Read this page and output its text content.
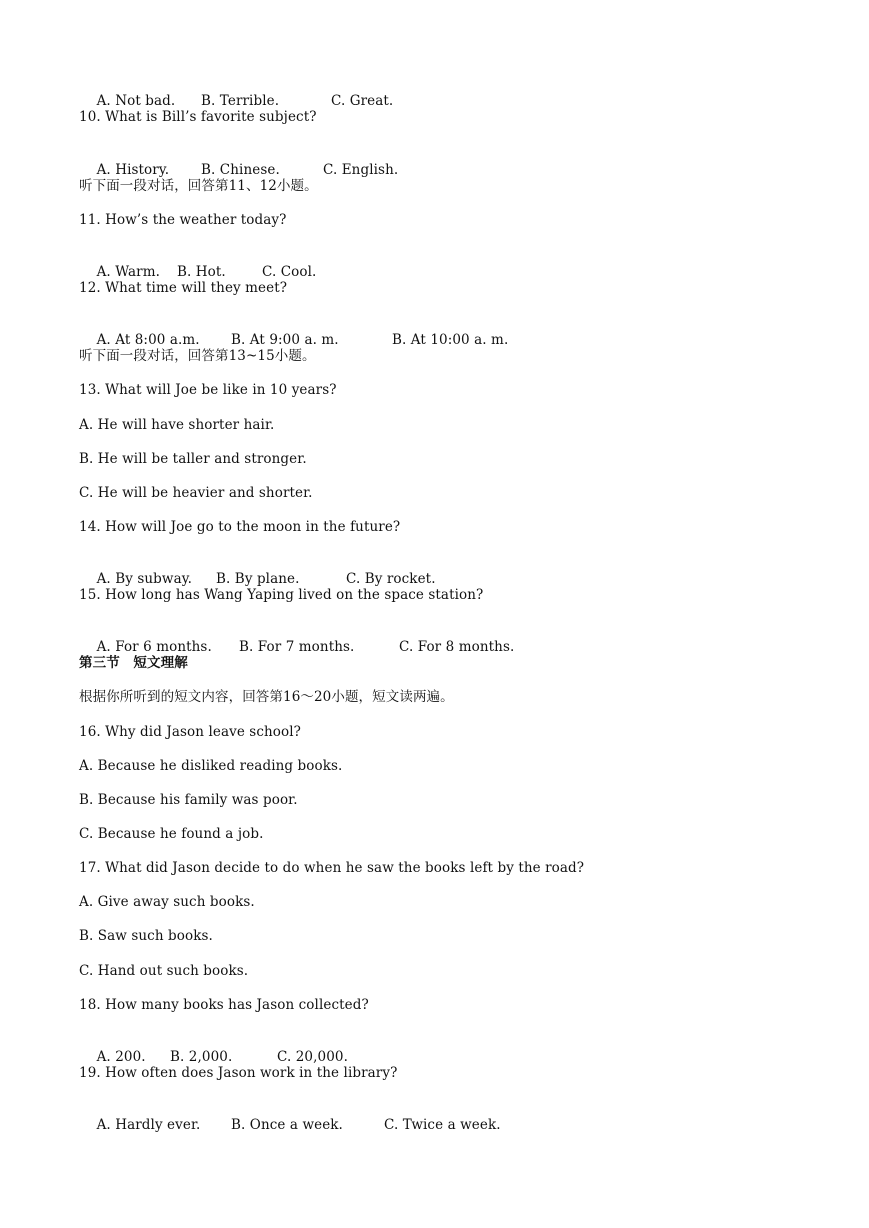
A. Not bad. B. Terrible.	C. Great.

10. What is Bill’s favorite subject?

A. History. B. Chinese.	C. English.

听下面一段对话，回答第11、12小题。
11. How’s the weather today?

A. Warm. B. Hot.	C. Cool.

12. What time will they meet?

A. At 8:00 a.m. B. At 9:00 a. m.	B. At 10:00 a. m.

听下面一段对话，回答第13~15小题。
13. What will Joe be like in 10 years?
A. He will have shorter hair.
B. He will be taller and stronger.
C. He will be heavier and shorter.
14. How will Joe go to the moon in the future?

A. By subway. B. By plane.	C. By rocket.

15. How long has Wang Yaping lived on the space station?

A. For 6 months. B. For 7 months.	C. For 8 months.

第三节　短文理解
根据你所听到的短文内容，回答第16～20小题，短文读两遍。
16. Why did Jason leave school?
A. Because he disliked reading books.
B. Because his family was poor.
C. Because he found a job.
17. What did Jason decide to do when he saw the books left by the road?
A. Give away such books.
B. Saw such books.
C. Hand out such books.
18. How many books has Jason collected?

A. 200. B. 2,000.	C. 20,000.

19. How often does Jason work in the library?

A. Hardly ever. B. Once a week.	C. Twice a week.
